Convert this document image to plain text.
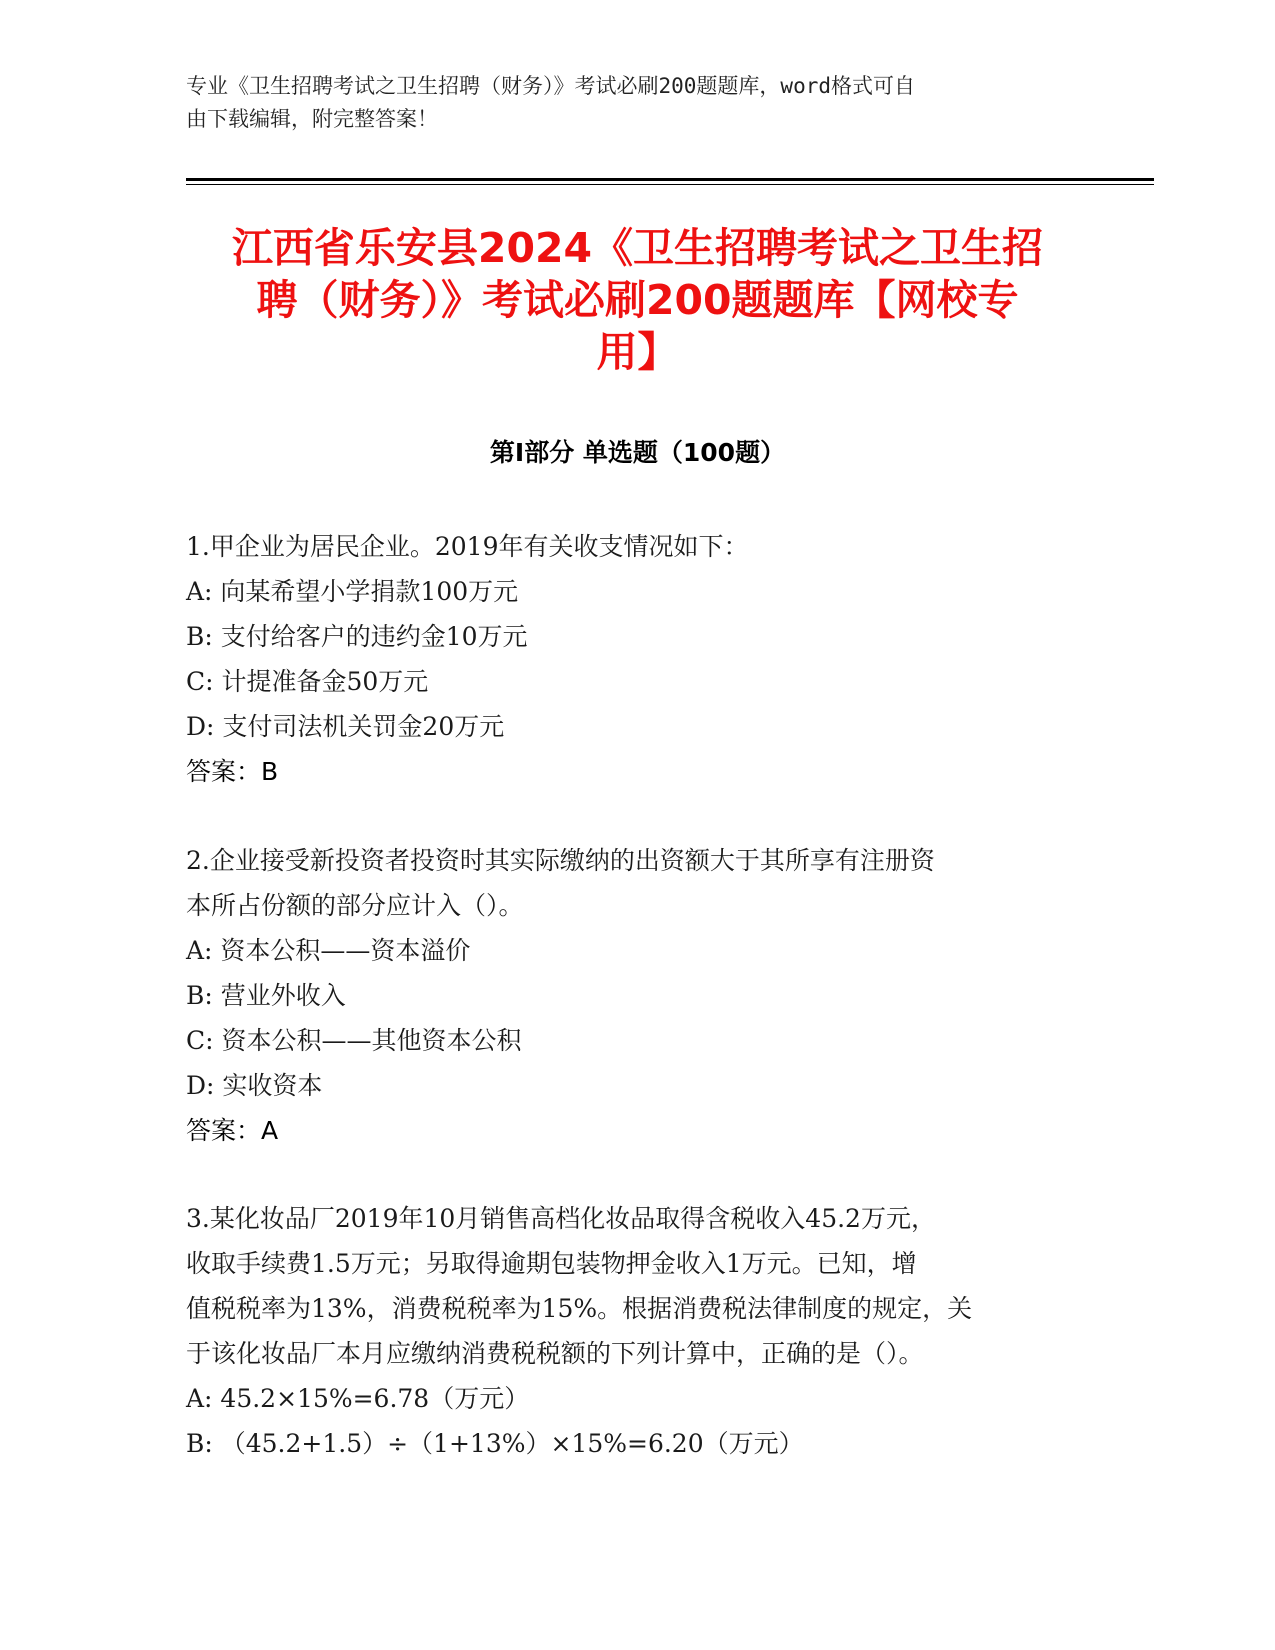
专业《卫生招聘考试之卫生招聘（财务）》考试必刷200题题库，word格式可自
由下载编辑，附完整答案！
江西省乐安县2024《卫生招聘考试之卫生招
聘（财务）》考试必刷200题题库【网校专
用】
第Ⅰ部分 单选题（100题）
1.甲企业为居民企业。2019年有关收支情况如下：
A: 向某希望小学捐款100万元
B: 支付给客户的违约金10万元
C: 计提准备金50万元
D: 支付司法机关罚金20万元
答案：B
2.企业接受新投资者投资时其实际缴纳的出资额大于其所享有注册资
本所占份额的部分应计入（）。
A: 资本公积——资本溢价
B: 营业外收入
C: 资本公积——其他资本公积
D: 实收资本
答案：A
3.某化妆品厂2019年10月销售高档化妆品取得含税收入45.2万元，
收取手续费1.5万元；另取得逾期包装物押金收入1万元。已知，增
值税税率为13%，消费税税率为15%。根据消费税法律制度的规定，关
于该化妆品厂本月应缴纳消费税税额的下列计算中，正确的是（）。
A: 45.2×15%=6.78（万元）
B: （45.2+1.5）÷（1+13%）×15%=6.20（万元）
